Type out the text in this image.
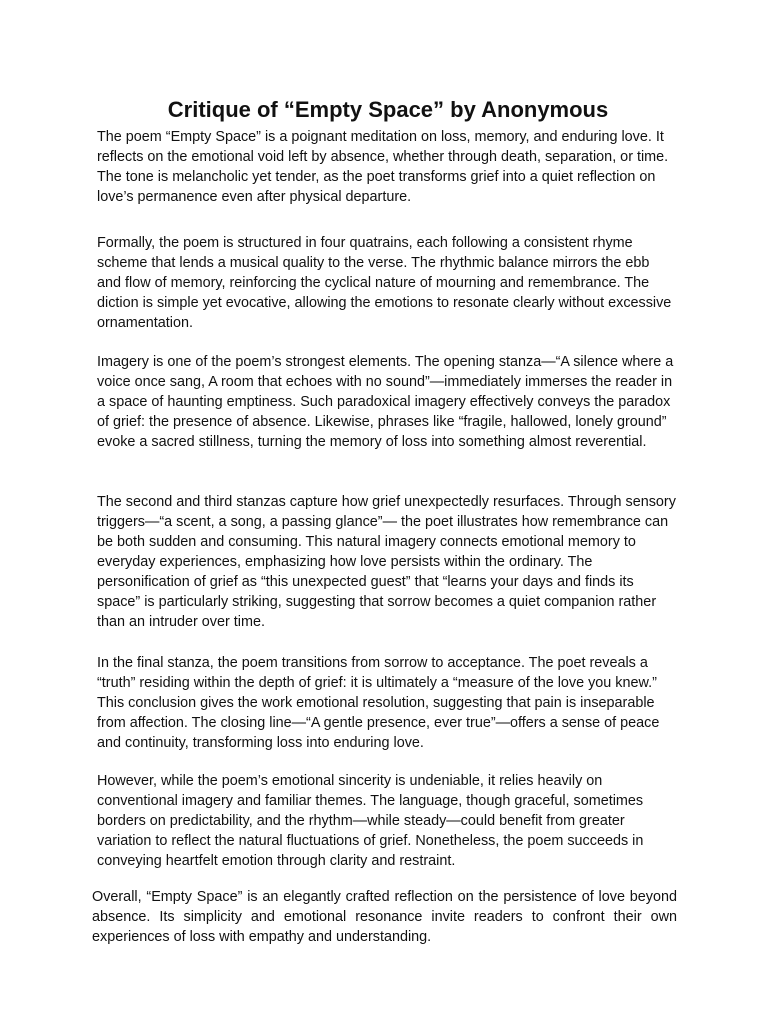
Critique of “Empty Space” by Anonymous

The poem “Empty Space” is a poignant meditation on loss, memory, and enduring love. It reflects on the emotional void left by absence, whether through death, separation, or time. The tone is melancholic yet tender, as the poet transforms grief into a quiet reflection on love’s permanence even after physical departure.

Formally, the poem is structured in four quatrains, each following a consistent rhyme scheme that lends a musical quality to the verse. The rhythmic balance mirrors the ebb and flow of memory, reinforcing the cyclical nature of mourning and remembrance. The diction is simple yet evocative, allowing the emotions to resonate clearly without excessive ornamentation.

Imagery is one of the poem’s strongest elements. The opening stanza—“A silence where a voice once sang, A room that echoes with no sound”—immediately immerses the reader in a space of haunting emptiness. Such paradoxical imagery effectively conveys the paradox of grief: the presence of absence. Likewise, phrases like “fragile, hallowed, lonely ground” evoke a sacred stillness, turning the memory of loss into something almost reverential.

The second and third stanzas capture how grief unexpectedly resurfaces. Through sensory triggers—“a scent, a song, a passing glance”— the poet illustrates how remembrance can be both sudden and consuming. This natural imagery connects emotional memory to everyday experiences, emphasizing how love persists within the ordinary. The personification of grief as “this unexpected guest” that “learns your days and finds its space” is particularly striking, suggesting that sorrow becomes a quiet companion rather than an intruder over time.

In the final stanza, the poem transitions from sorrow to acceptance. The poet reveals a “truth” residing within the depth of grief: it is ultimately a “measure of the love you knew.” This conclusion gives the work emotional resolution, suggesting that pain is inseparable from affection. The closing line—“A gentle presence, ever true”—offers a sense of peace and continuity, transforming loss into enduring love.

However, while the poem’s emotional sincerity is undeniable, it relies heavily on conventional imagery and familiar themes. The language, though graceful, sometimes borders on predictability, and the rhythm—while steady—could benefit from greater variation to reflect the natural fluctuations of grief. Nonetheless, the poem succeeds in conveying heartfelt emotion through clarity and restraint.

Overall, “Empty Space” is an elegantly crafted reflection on the persistence of love beyond absence. Its simplicity and emotional resonance invite readers to confront their own experiences of loss with empathy and understanding.
